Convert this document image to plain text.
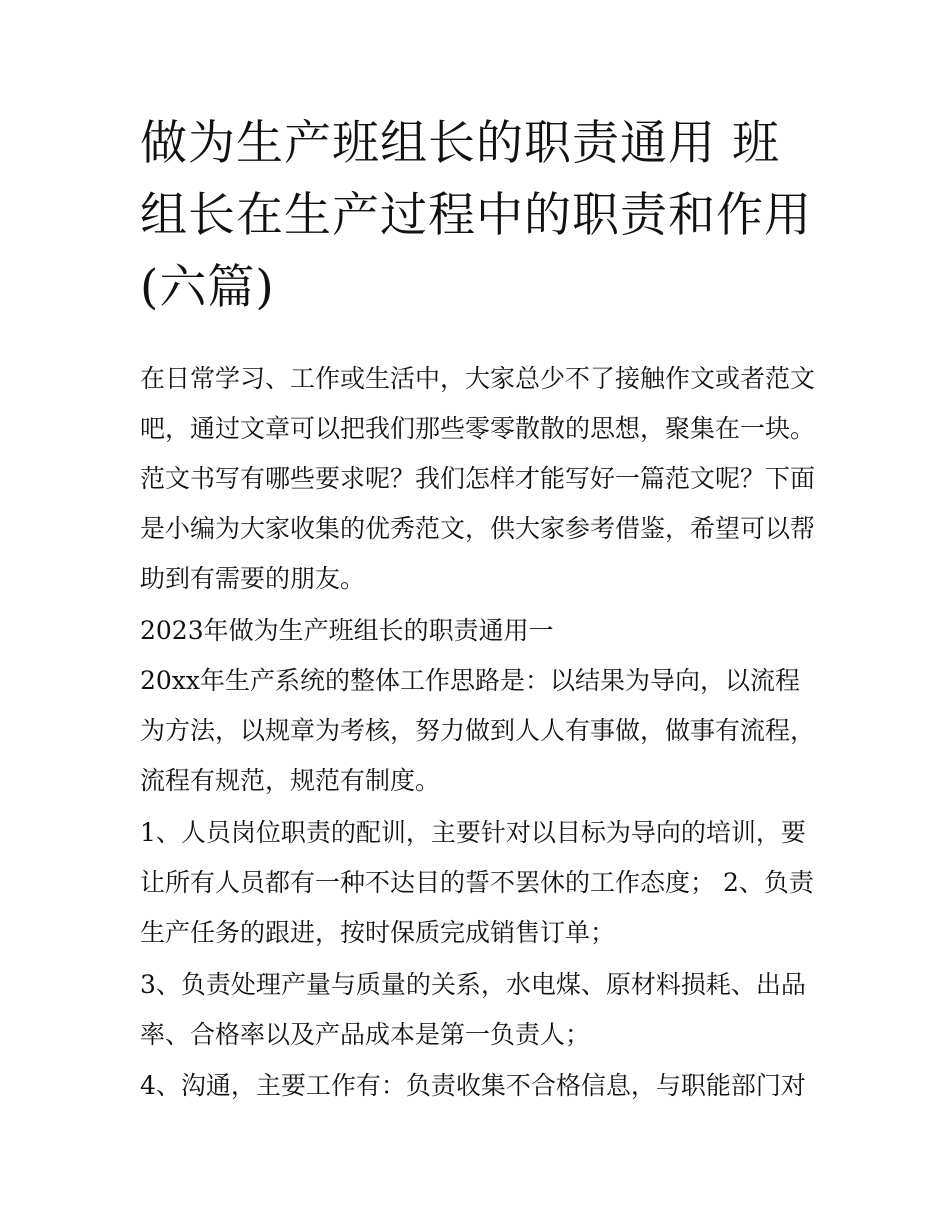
做为生产班组长的职责通用 班组长在生产过程中的职责和作用(六篇)

在日常学习、工作或生活中，大家总少不了接触作文或者范文吧，通过文章可以把我们那些零零散散的思想，聚集在一块。范文书写有哪些要求呢？我们怎样才能写好一篇范文呢？下面是小编为大家收集的优秀范文，供大家参考借鉴，希望可以帮助到有需要的朋友。

2023年做为生产班组长的职责通用一

20xx年生产系统的整体工作思路是：以结果为导向，以流程为方法，以规章为考核，努力做到人人有事做，做事有流程，流程有规范，规范有制度。

1、人员岗位职责的配训，主要针对以目标为导向的培训，要让所有人员都有一种不达目的誓不罢休的工作态度； 2、负责生产任务的跟进，按时保质完成销售订单；

3、负责处理产量与质量的关系，水电煤、原材料损耗、出品率、合格率以及产品成本是第一负责人；

4、沟通，主要工作有：负责收集不合格信息，与职能部门对
